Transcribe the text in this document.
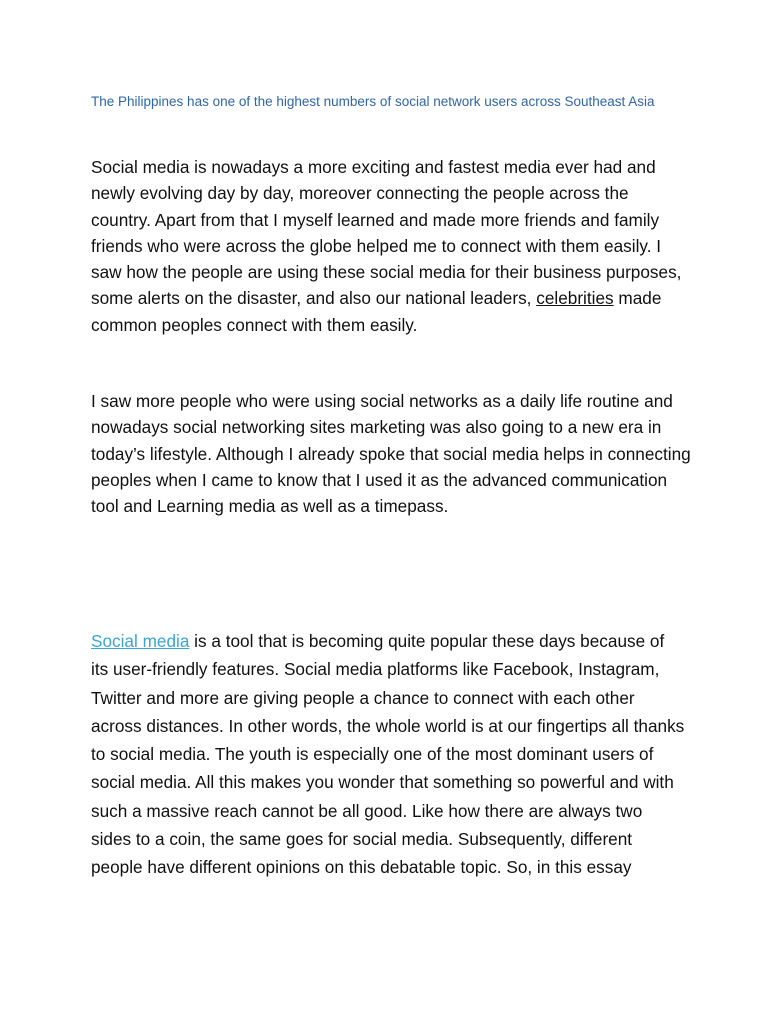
The Philippines has one of the highest numbers of social network users across Southeast Asia

Social media is nowadays a more exciting and fastest media ever had and newly evolving day by day, moreover connecting the people across the country. Apart from that I myself learned and made more friends and family friends who were across the globe helped me to connect with them easily. I saw how the people are using these social media for their business purposes, some alerts on the disaster, and also our national leaders, celebrities made common peoples connect with them easily.

I saw more people who were using social networks as a daily life routine and nowadays social networking sites marketing was also going to a new era in today’s lifestyle. Although I already spoke that social media helps in connecting peoples when I came to know that I used it as the advanced communication tool and Learning media as well as a timepass.

Social media is a tool that is becoming quite popular these days because of its user-friendly features. Social media platforms like Facebook, Instagram, Twitter and more are giving people a chance to connect with each other across distances. In other words, the whole world is at our fingertips all thanks to social media. The youth is especially one of the most dominant users of social media. All this makes you wonder that something so powerful and with such a massive reach cannot be all good. Like how there are always two sides to a coin, the same goes for social media. Subsequently, different people have different opinions on this debatable topic. So, in this essay
